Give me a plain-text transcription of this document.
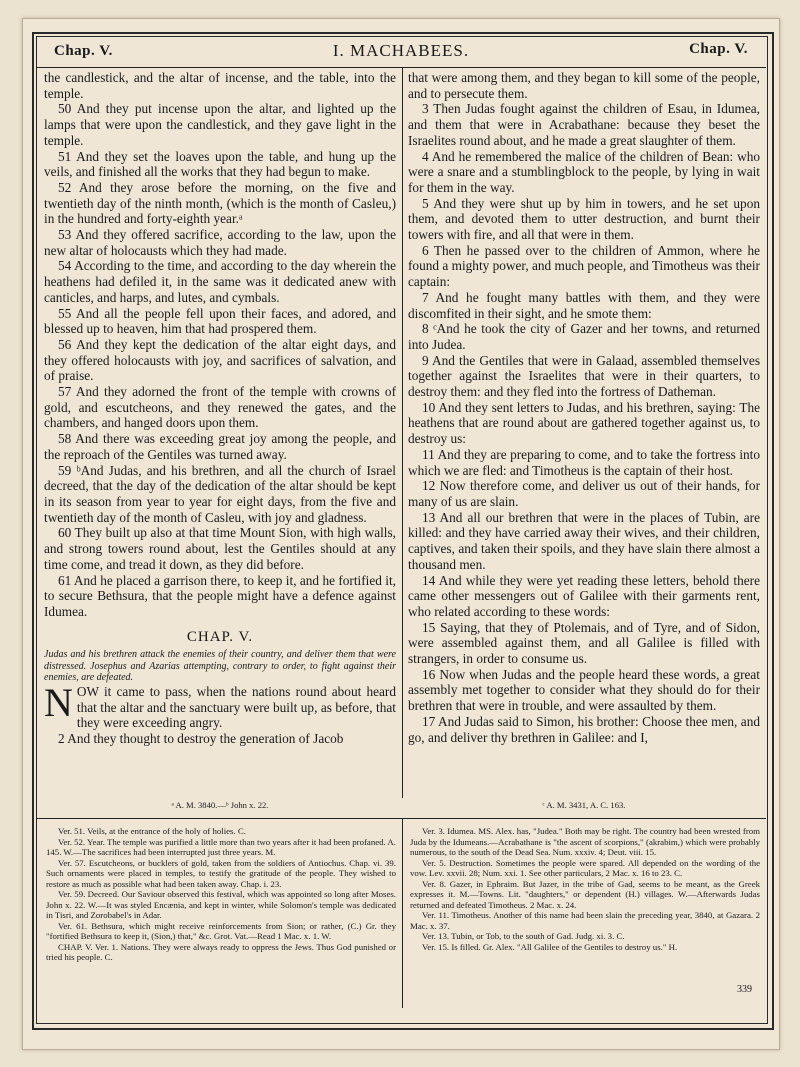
Chap. V.	I. MACHABEES.	Chap. V.

the candlestick, and the altar of incense, and the table, into the temple.

50 And they put incense upon the altar, and lighted up the lamps that were upon the candlestick, and they gave light in the temple.

51 And they set the loaves upon the table, and hung up the veils, and finished all the works that they had begun to make.

52 And they arose before the morning, on the five and twentieth day of the ninth month, (which is the month of Casleu,) in the hundred and forty-eighth year.ᵃ

53 And they offered sacrifice, according to the law, upon the new altar of holocausts which they had made.

54 According to the time, and according to the day wherein the heathens had defiled it, in the same was it dedicated anew with canticles, and harps, and lutes, and cymbals.

55 And all the people fell upon their faces, and adored, and blessed up to heaven, him that had prospered them.

56 And they kept the dedication of the altar eight days, and they offered holocausts with joy, and sacrifices of salvation, and of praise.

57 And they adorned the front of the temple with crowns of gold, and escutcheons, and they renewed the gates, and the chambers, and hanged doors upon them.

58 And there was exceeding great joy among the people, and the reproach of the Gentiles was turned away.

59 ᵇAnd Judas, and his brethren, and all the church of Israel decreed, that the day of the dedication of the altar should be kept in its season from year to year for eight days, from the five and twentieth day of the month of Casleu, with joy and gladness.

60 They built up also at that time Mount Sion, with high walls, and strong towers round about, lest the Gentiles should at any time come, and tread it down, as they did before.

61 And he placed a garrison there, to keep it, and he fortified it, to secure Bethsura, that the people might have a defence against Idumea.

CHAP. V.

Judas and his brethren attack the enemies of their country, and deliver them that were distressed. Josephus and Azarias attempting, contrary to order, to fight against their enemies, are defeated.

NOW it came to pass, when the nations round about heard that the altar and the sanctuary were built up, as before, that they were exceeding angry.

2 And they thought to destroy the generation of Jacob

that were among them, and they began to kill some of the people, and to persecute them.

3 Then Judas fought against the children of Esau, in Idumea, and them that were in Acrabathane: because they beset the Israelites round about, and he made a great slaughter of them.

4 And he remembered the malice of the children of Bean: who were a snare and a stumblingblock to the people, by lying in wait for them in the way.

5 And they were shut up by him in towers, and he set upon them, and devoted them to utter destruction, and burnt their towers with fire, and all that were in them.

6 Then he passed over to the children of Ammon, where he found a mighty power, and much people, and Timotheus was their captain:

7 And he fought many battles with them, and they were discomfited in their sight, and he smote them:

8 ᶜAnd he took the city of Gazer and her towns, and returned into Judea.

9 And the Gentiles that were in Galaad, assembled themselves together against the Israelites that were in their quarters, to destroy them: and they fled into the fortress of Datheman.

10 And they sent letters to Judas, and his brethren, saying: The heathens that are round about are gathered together against us, to destroy us:

11 And they are preparing to come, and to take the fortress into which we are fled: and Timotheus is the captain of their host.

12 Now therefore come, and deliver us out of their hands, for many of us are slain.

13 And all our brethren that were in the places of Tubin, are killed: and they have carried away their wives, and their children, captives, and taken their spoils, and they have slain there almost a thousand men.

14 And while they were yet reading these letters, behold there came other messengers out of Galilee with their garments rent, who related according to these words:

15 Saying, that they of Ptolemais, and of Tyre, and of Sidon, were assembled against them, and all Galilee is filled with strangers, in order to consume us.

16 Now when Judas and the people heard these words, a great assembly met together to consider what they should do for their brethren that were in trouble, and were assaulted by them.

17 And Judas said to Simon, his brother: Choose thee men, and go, and deliver thy brethren in Galilee: and I,

ᵃ A. M. 3840.—ᵇ John x. 22.	ᶜ A. M. 3431, A. C. 163.

Ver. 51. Veils, at the entrance of the holy of holies. C.

Ver. 52. Year. The temple was purified a little more than two years after it had been profaned. A. 145. W.—The sacrifices had been interrupted just three years. M.

Ver. 57. Escutcheons, or bucklers of gold, taken from the soldiers of Antiochus. Chap. vi. 39. Such ornaments were placed in temples, to testify the gratitude of the people. They wished to restore as much as possible what had been taken away. Chap. i. 23.

Ver. 59. Decreed. Our Saviour observed this festival, which was appointed so long after Moses. John x. 22. W.—It was styled Encænia, and kept in winter, while Solomon's temple was dedicated in Tisri, and Zorobabel's in Adar.

Ver. 61. Bethsura, which might receive reinforcements from Sion; or rather, (C.) Gr. they "fortified Bethsura to keep it, (Sion,) that," &c. Grot. Vat.—Read 1 Mac. x. 1. W.

CHAP. V. Ver. 1. Nations. They were always ready to oppress the Jews. Thus God punished or tried his people. C.

Ver. 3. Idumea. MS. Alex. has, "Judea." Both may be right. The country had been wrested from Juda by the Idumeans.—Acrabathane is "the ascent of scorpions," (akrabim,) which were probably numerous, to the south of the Dead Sea. Num. xxxiv. 4; Deut. viii. 15.

Ver. 5. Destruction. Sometimes the people were spared. All depended on the wording of the vow. Lev. xxvii. 28; Num. xxi. 1. See other particulars, 2 Mac. x. 16 to 23. C.

Ver. 8. Gazer, in Ephraim. But Jazer, in the tribe of Gad, seems to be meant, as the Greek expresses it. M.—Towns. Lit. "daughters," or dependent (H.) villages. W.—Afterwards Judas returned and defeated Timotheus. 2 Mac. x. 24.

Ver. 11. Timotheus. Another of this name had been slain the preceding year, 3840, at Gazara. 2 Mac. x. 37.

Ver. 13. Tubin, or Tob, to the south of Gad. Judg. xi. 3. C.

Ver. 15. Is filled. Gr. Alex. "All Galilee of the Gentiles to destroy us." H.

339
